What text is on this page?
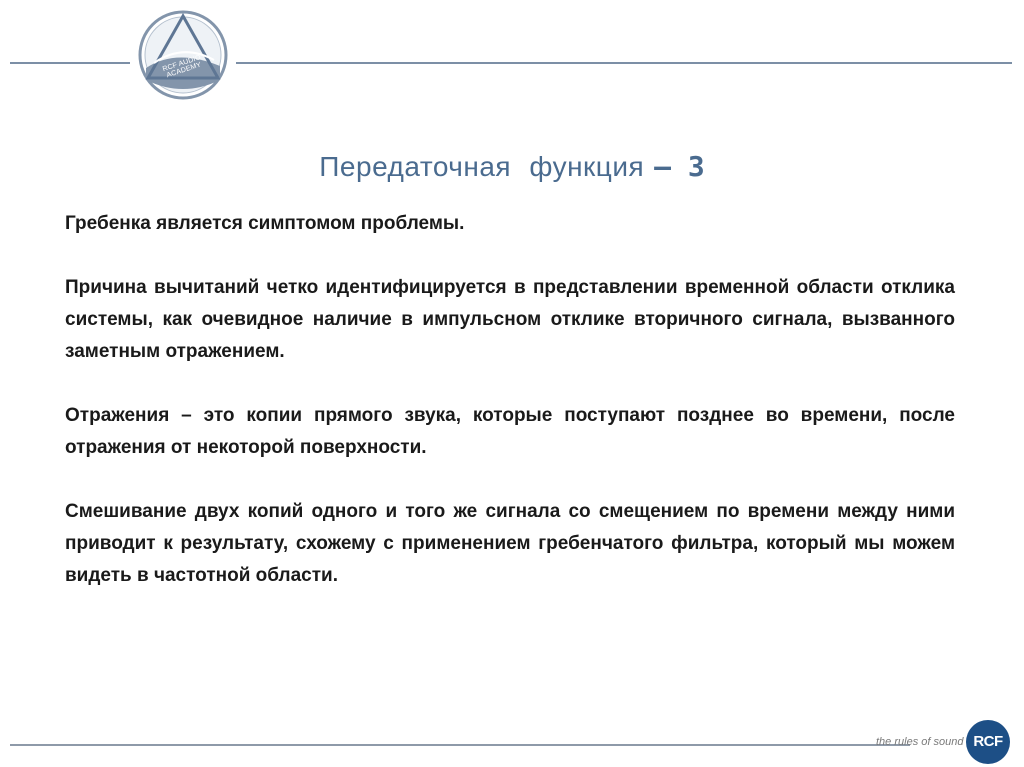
RCF AUDIO ACADEMY
Передаточная функция – 3

Гребенка является симптомом проблемы.

Причина вычитаний четко идентифицируется в представлении временной области отклика системы, как очевидное наличие в импульсном отклике вторичного сигнала, вызванного заметным отражением.

Отражения – это копии прямого звука, которые поступают позднее во времени, после отражения от некоторой поверхности.

Смешивание двух копий одного и того же сигнала со смещением по времени между ними приводит к результату, схожему с применением гребенчатого фильтра, который мы можем видеть в частотной области.

the rules of sound RCF
